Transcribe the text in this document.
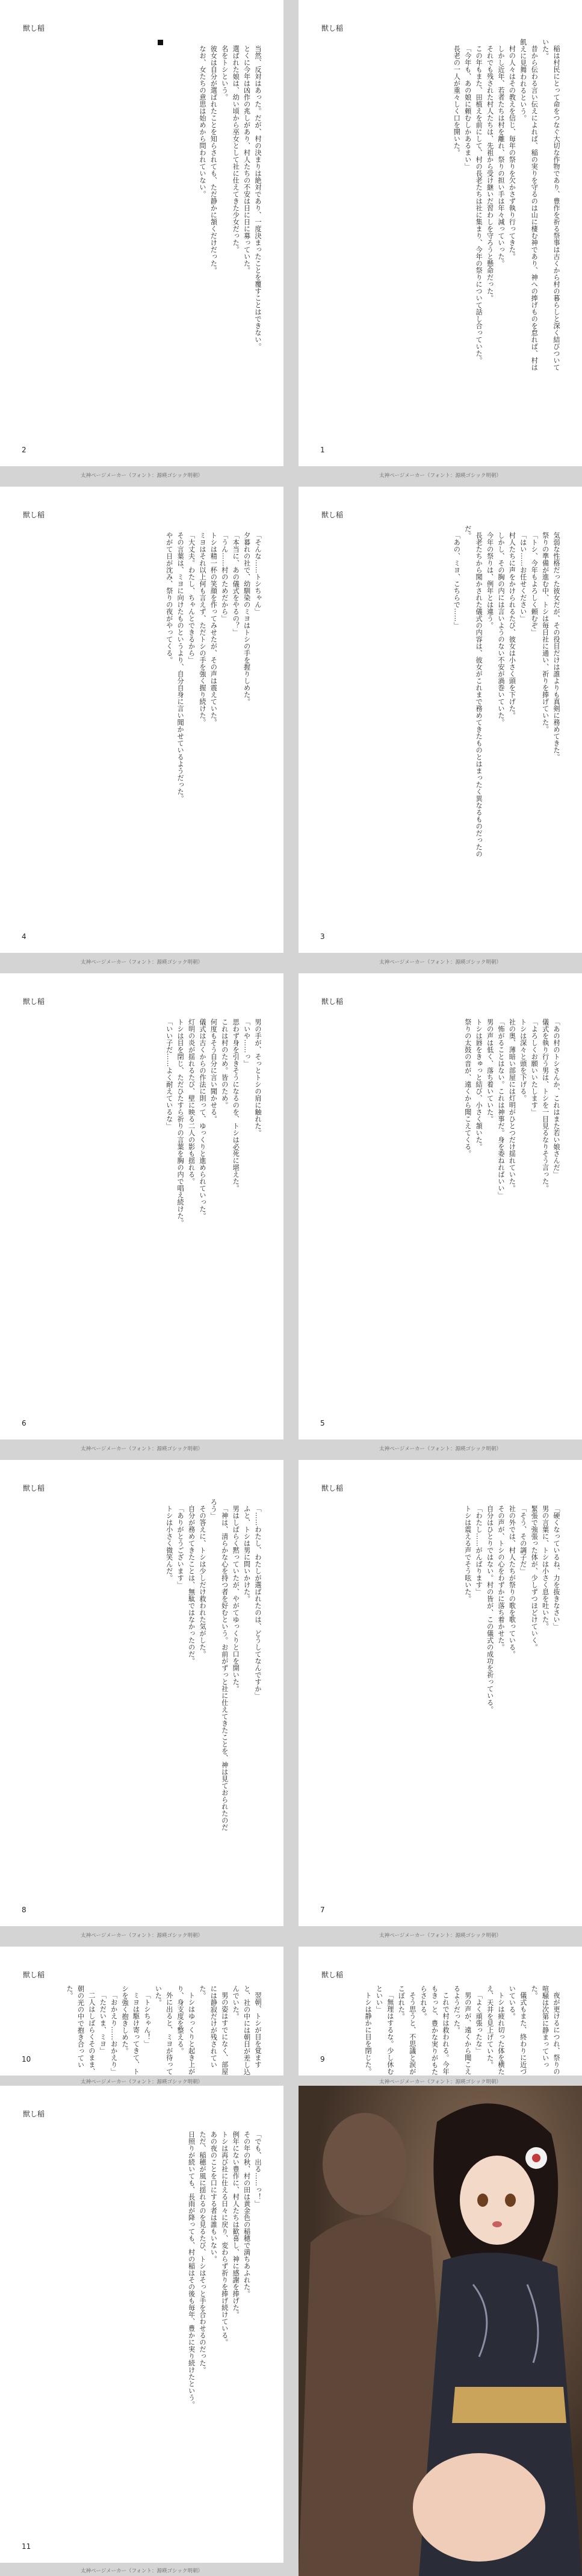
獣し稲

稲は村民にとって命をつなぐ大切な作物であり、豊作を祈る祭事は古くから村の暮らしと深く結びついていた。

昔から伝わる言い伝えによれば、稲の実りを守るのは山に棲む神であり、神への捧げものを怠れば、村は飢えに見舞われるという。

村の人々はその教えを信じ、毎年の祭りを欠かさず執り行ってきた。

しかし近年、若者たちは村を離れ、祭りの担い手は年々減っていった。

それでも残された村人たちは、先祖から受け継いだ習わしを守ろうと懸命だった。

この年もまた、田植えを前にして、村の長老たちは社に集まり、今年の祭りについて話し合っていた。

「今年も、あの娘に頼むしかあるまい」

長老の一人が重々しく口を開いた。

1
獣し稲

当然、反対はあった。だが、村の決まりは絶対であり、一度決まったことを覆すことはできない。

とくに今年は凶作の兆しがあり、村人たちの不安は日に日に募っていた。

選ばれた娘は、幼い頃から巫女として社に仕えてきた少女だった。

名をトシという。

彼女は自分が選ばれたことを知らされても、ただ静かに頷くだけだった。

なお、女たちの意思は始めから問われていない。

2
太神ページメーカー（フォント：源暎ゴシック明朝）
太神ページメーカー（フォント：源暎ゴシック明朝）
獣し稲

気弱な性格だった彼女だが、その役目だけは誰よりも真剣に務めてきた。

祭りの準備が進む中、トシは毎日社に通い、祈りを捧げていた。

「トシ、今年もよろしく頼むぞ」

「はい……お任せください」

村人たちに声をかけられるたび、彼女は小さく頭を下げた。

しかし、その胸の内には言いようのない不安が渦巻いていた。

今年の祭りは、例年とは違う。

長老たちから聞かされた儀式の内容は、彼女がこれまで務めてきたものとはまったく異なるものだったのだ。

「あの、ミヨ、こちらで……」

3
獣し稲

「そんな……トシちゃん」

夕暮れの社で、幼馴染のミヨはトシの手を握りしめた。

「本当に、あの儀式をやるの？」

「うん……村のためだから」

トシは精一杯の笑顔を作ってみせたが、その声は震えていた。

ミヨはそれ以上何も言えず、ただトシの手を強く握り続けた。

「大丈夫。わたし、ちゃんとできるから」

その言葉は、ミヨに向けたものというより、自分自身に言い聞かせているようだった。

やがて日が沈み、祭りの夜がやってくる。

4
太神ページメーカー（フォント：源暎ゴシック明朝）
太神ページメーカー（フォント：源暎ゴシック明朝）
獣し稲

「あの村のトシさんか、これはまた若い娘さんだ」

儀式を執り行う男は、トシを一目見るなりそう言った。

「よろしくお願いいたします」

トシは深々と頭を下げる。

社の奥、薄暗い部屋には灯明がひとつだけ揺れていた。

「怖がることはない。これは神事だ。身を委ねればいい」

男の声は低く、落ち着いていた。

トシは唇をきゅっと結び、小さく頷いた。

祭りの太鼓の音が、遠くから聞こえてくる。

5
獣し稲

男の手が、そっとトシの肩に触れた。

「いや……っ」

思わず身を引きそうになるのを、トシは必死に堪えた。

これは村のため。皆のため。

何度もそう自分に言い聞かせる。

儀式は古くからの作法に則って、ゆっくりと進められていった。

灯明の炎が揺れるたび、壁に映る二人の影も揺れる。

トシは目を閉じ、ただひたすら祈りの言葉を胸の内で唱え続けた。

「いい子だ……よく耐えているな」

6
太神ページメーカー（フォント：源暎ゴシック明朝）
太神ページメーカー（フォント：源暎ゴシック明朝）
獣し稲

「硬くなっているね、力を抜きなさい」

男の言葉に、トシは小さく息を吐いた。

緊張で強張った体が、少しずつほどけていく。

「そう、その調子だ」

社の外では、村人たちが祭りの歌を歌っている。

その声が、トシの心をわずかに落ち着かせた。

自分はひとりではない。村の皆が、この儀式の成功を祈っている。

「わたし……がんばります」

トシは震える声でそう呟いた。

7
獣し稲

「……わたし、わたしが選ばれたのは、どうしてなんですか」

ふと、トシは男に問いかけた。

男はしばらく黙っていたが、やがてゆっくりと口を開いた。

「神は、清らかな心を持つ者を好むという。お前がずっと社に仕えてきたことを、神は見ておられたのだろう」

その答えに、トシは少しだけ救われた気がした。

自分が務めてきたことは、無駄ではなかったのだ。

「ありがとうございます」

トシは小さく微笑んだ。

8
太神ページメーカー（フォント：源暎ゴシック明朝）
太神ページメーカー（フォント：源暎ゴシック明朝）
獣し稲

夜が更けるにつれ、祭りの喧騒は次第に静まっていった。

儀式もまた、終わりに近づいている。

トシは疲れ切った体を横たえ、天井を見上げていた。

「よく頑張ったな」

男の声が、遠くから聞こえるようだった。

これで村は救われる。今年もきっと、豊かな実りがもたらされる。

そう思うと、不思議と涙がこぼれた。

「無理はするな。少し休むといい」

トシは静かに目を閉じた。

9
獣し稲

翌朝、トシが目を覚ますと、社の中には朝日が差し込んでいた。

男の姿はすでになく、部屋には静寂だけが残されていた。

トシはゆっくりと起き上がり、身支度を整える。

外に出ると、ミヨが待っていた。

「トシちゃん！」

ミヨは駆け寄ってきて、トシを強く抱きしめた。

「おかえり……おかえり」

「ただいま、ミヨ」

二人はしばらくそのまま、朝の光の中で抱き合っていた。

10
太神ページメーカー（フォント：源暎ゴシック明朝）
太神ページメーカー（フォント：源暎ゴシック明朝）
獣し稲

「でも、出る……っ！」

その年の秋、村の田は黄金色の稲穂で満ちあふれた。

例年にない豊作に、村人たちは歓喜し、神に感謝を捧げた。

トシは再び社に仕える日々に戻り、変わらず祈りを捧げ続けている。

あの夜のことを口にする者は誰もいない。

ただ、稲穂が風に揺れるのを見るたび、トシはそっと手を合わせるのだった。

日照りが続いても、長雨が降っても、村の稲はその後も毎年、豊かに実り続けたという。

11
太神ページメーカー（フォント：源暎ゴシック明朝）
